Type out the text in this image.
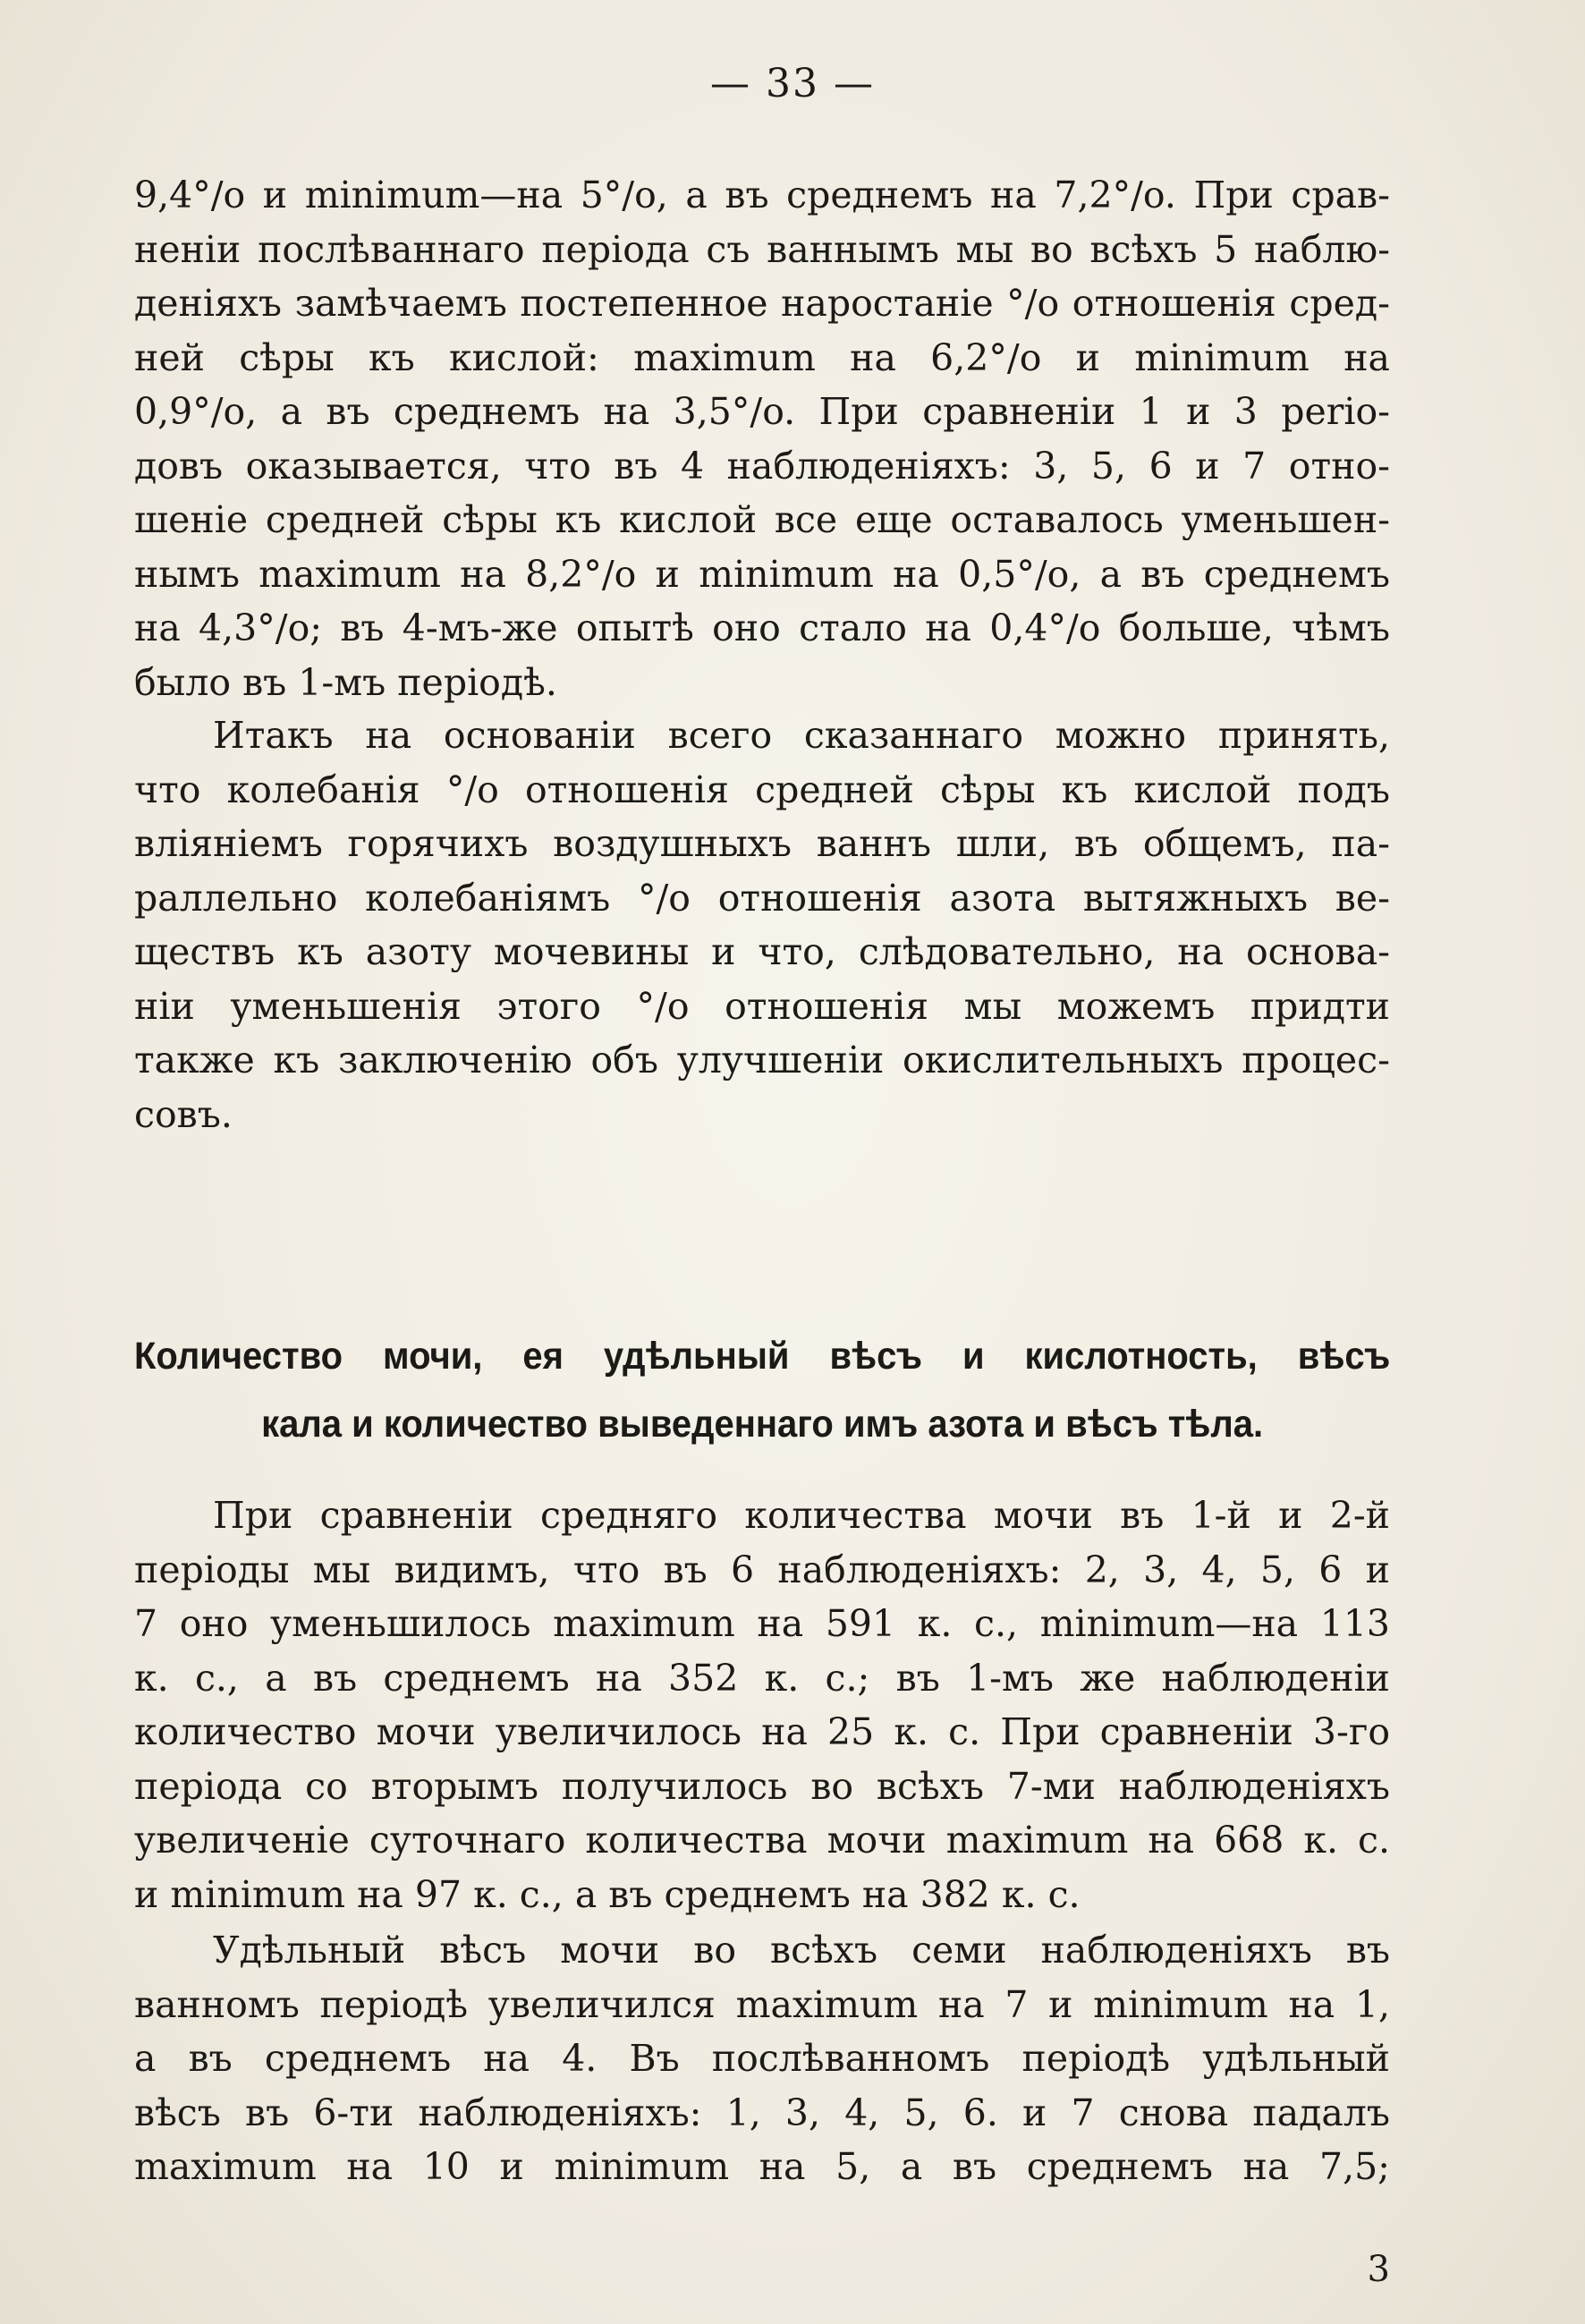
— 33 —
9,4°/o и minimum—на 5°/o, а въ среднемъ на 7,2°/o. При срав-
неніи послѣваннаго періода съ ваннымъ мы во всѣхъ 5 наблю-
деніяхъ замѣчаемъ постепенное наростаніе °/o отношенія сред-
ней сѣры къ кислой: maximum на 6,2°/o и minimum на
0,9°/o, а въ среднемъ на 3,5°/o. При сравненіи 1 и 3 perio-
довъ оказывается, что въ 4 наблюденіяхъ: 3, 5, 6 и 7 отно-
шеніе средней сѣры къ кислой все еще оставалось уменьшен-
нымъ maximum на 8,2°/o и minimum на 0,5°/o, а въ среднемъ
на 4,3°/o; въ 4-мъ-же опытѣ оно стало на 0,4°/o больше, чѣмъ
было въ 1-мъ періодѣ.
Итакъ на основаніи всего сказаннаго можно принять,
что колебанія °/o отношенія средней сѣры къ кислой подъ
вліяніемъ горячихъ воздушныхъ ваннъ шли, въ общемъ, па-
раллельно колебаніямъ °/o отношенія азота вытяжныхъ ве-
ществъ къ азоту мочевины и что, слѣдовательно, на основа-
ніи уменьшенія этого °/o отношенія мы можемъ придти
также къ заключенію объ улучшеніи окислительныхъ процес-
совъ.
Количество мочи, ея удѣльный вѣсъ и кислотность, вѣсъ
кала и количество выведеннаго имъ азота и вѣсъ тѣла.
При сравненіи средняго количества мочи въ 1-й и 2-й
періоды мы видимъ, что въ 6 наблюденіяхъ: 2, 3, 4, 5, 6 и
7 оно уменьшилось maximum на 591 к. с., minimum—на 113
к. с., а въ среднемъ на 352 к. с.; въ 1-мъ же наблюденіи
количество мочи увеличилось на 25 к. с. При сравненіи 3-го
періода со вторымъ получилось во всѣхъ 7-ми наблюденіяхъ
увеличеніе суточнаго количества мочи maximum на 668 к. с.
и minimum на 97 к. с., а въ среднемъ на 382 к. с.
Удѣльный вѣсъ мочи во всѣхъ семи наблюденіяхъ въ
ванномъ періодѣ увеличился maximum на 7 и minimum на 1,
а въ среднемъ на 4. Въ послѣванномъ періодѣ удѣльный
вѣсъ въ 6-ти наблюденіяхъ: 1, 3, 4, 5, 6. и 7 снова падалъ
maximum на 10 и minimum на 5, а въ среднемъ на 7,5;
3
